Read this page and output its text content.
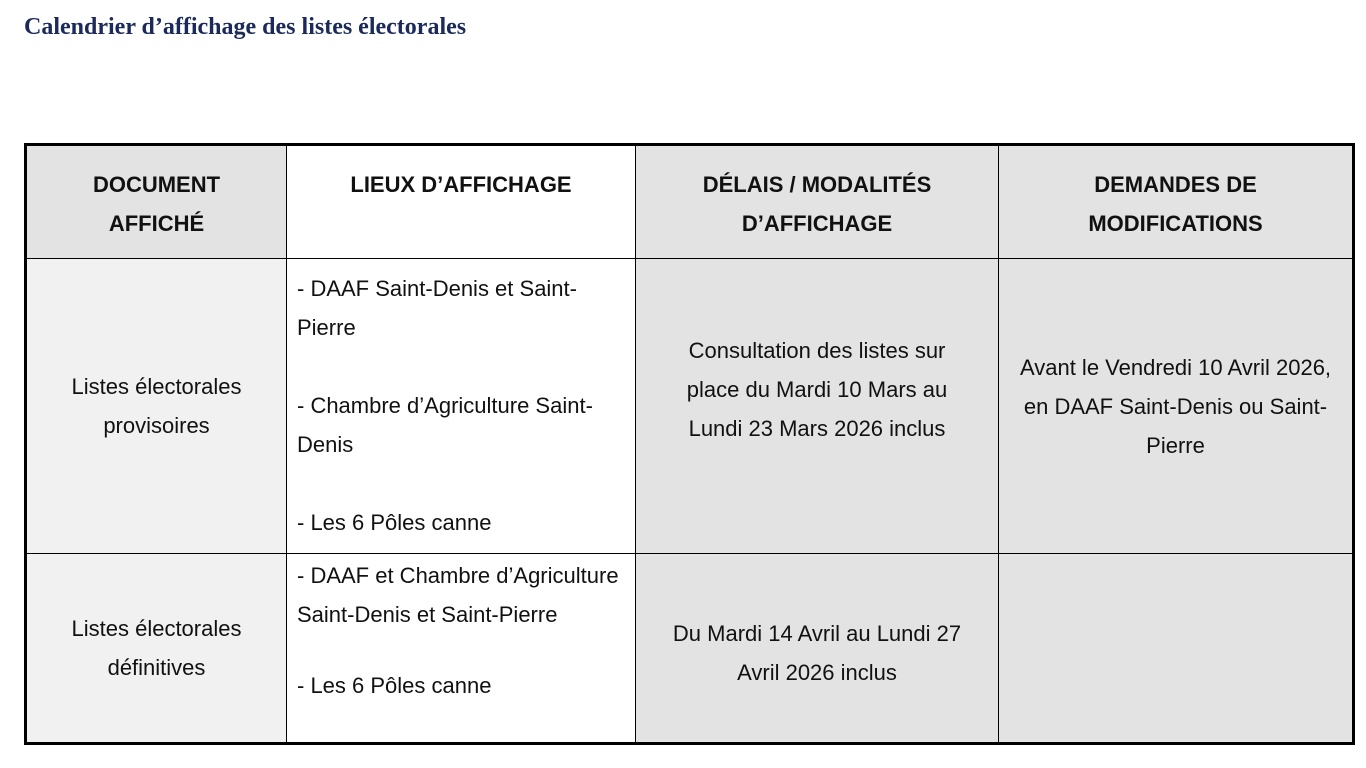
Calendrier d’affichage des listes électorales
DOCUMENT AFFICHÉ	LIEUX D’AFFICHAGE	DÉLAIS / MODALITÉS D’AFFICHAGE	DEMANDES DE MODIFICATIONS

Listes électorales provisoires	- DAAF Saint-Denis et Saint-Pierre
- Chambre d’Agriculture Saint-Denis
- Les 6 Pôles canne	Consultation des listes sur place du Mardi 10 Mars au Lundi 23 Mars 2026 inclus	Avant le Vendredi 10 Avril 2026, en DAAF Saint-Denis ou Saint-Pierre

Listes électorales définitives	- DAAF et Chambre d’Agriculture Saint-Denis et Saint-Pierre
- Les 6 Pôles canne	Du Mardi 14 Avril au Lundi 27 Avril 2026 inclus	
